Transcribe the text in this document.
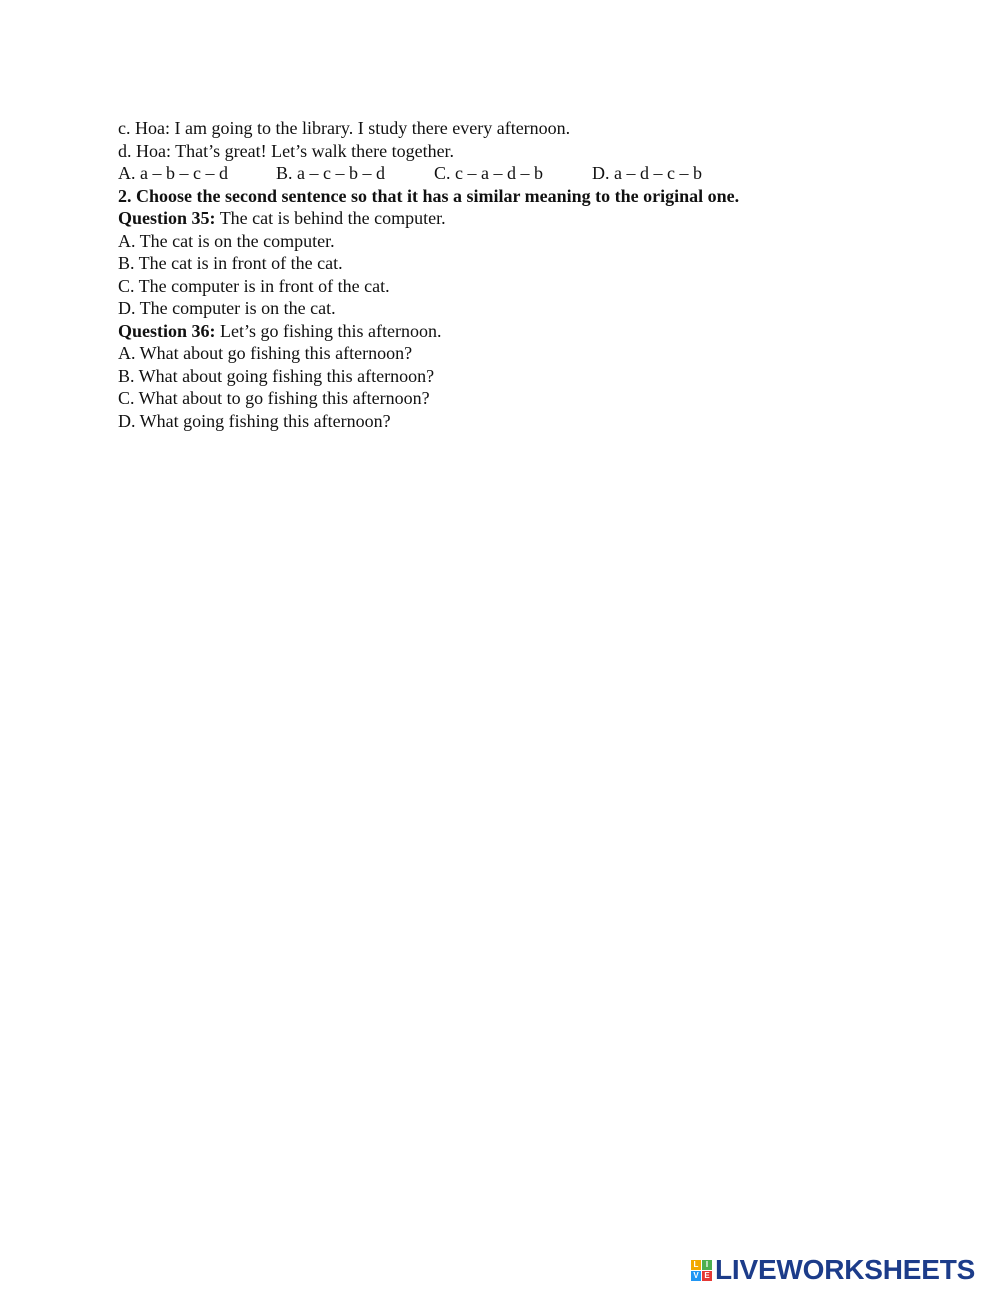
c. Hoa: I am going to the library. I study there every afternoon.
d. Hoa: That’s great! Let’s walk there together.
A. a – b – c – d	B. a – c – b – d	C. c – a – d – b	D. a – d – c – b
2. Choose the second sentence so that it has a similar meaning to the original one.
Question 35: The cat is behind the computer.
A. The cat is on the computer.
B. The cat is in front of the cat.
C. The computer is in front of the cat.
D. The computer is on the cat.
Question 36: Let’s go fishing this afternoon.
A. What about go fishing this afternoon?
B. What about going fishing this afternoon?
C. What about to go fishing this afternoon?
D. What going fishing this afternoon?
L I
V E LIVEWORKSHEETS
